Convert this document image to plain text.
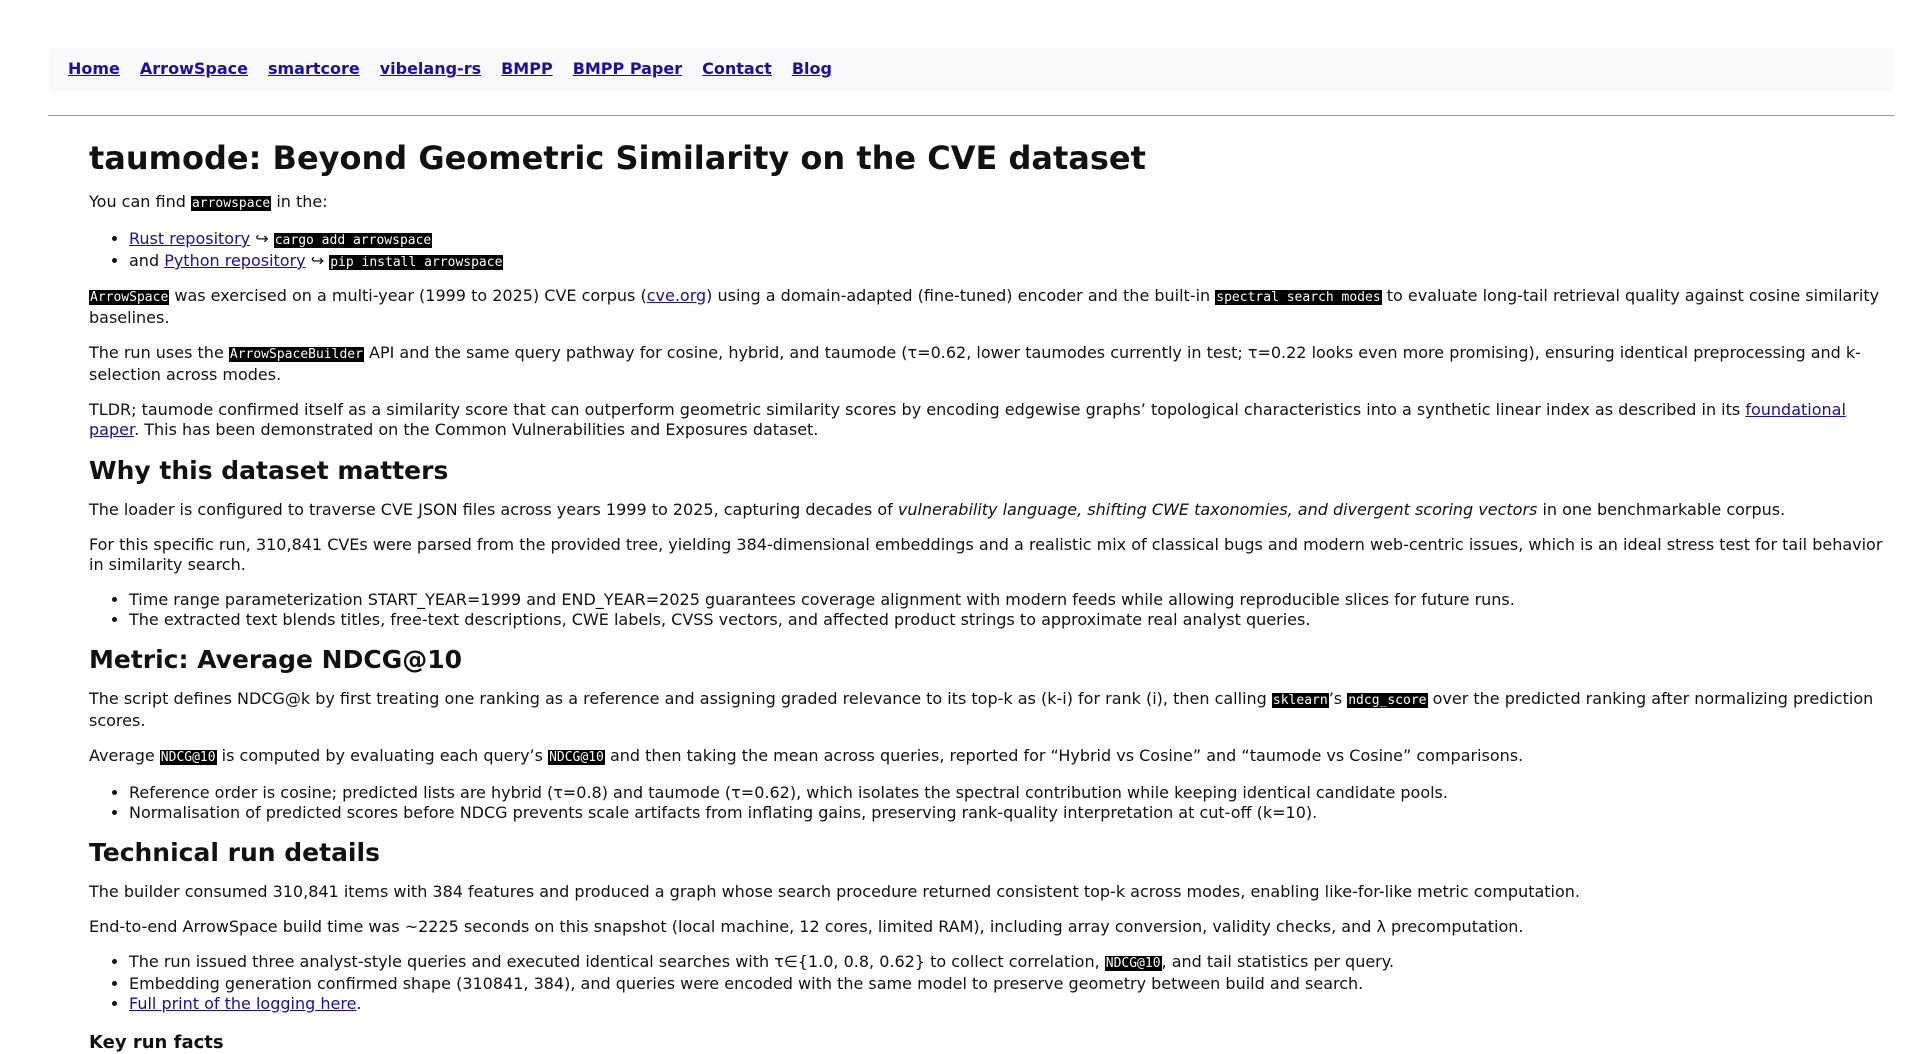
Home ArrowSpace smartcore vibelang-rs BMPP BMPP Paper Contact Blog
taumode: Beyond Geometric Similarity on the CVE dataset

You can find arrowspace in the:

• Rust repository ↪ cargo add arrowspace
• and Python repository ↪ pip install arrowspace

ArrowSpace was exercised on a multi-year (1999 to 2025) CVE corpus (cve.org) using a domain-adapted (fine-tuned) encoder and the built-in spectral search modes to evaluate long-tail retrieval quality against cosine similarity baselines.

The run uses the ArrowSpaceBuilder API and the same query pathway for cosine, hybrid, and taumode (τ=0.62, lower taumodes currently in test; τ=0.22 looks even more promising), ensuring identical preprocessing and k-selection across modes.

TLDR; taumode confirmed itself as a similarity score that can outperform geometric similarity scores by encoding edgewise graphs’ topological characteristics into a synthetic linear index as described in its foundational paper. This has been demonstrated on the Common Vulnerabilities and Exposures dataset.

Why this dataset matters

The loader is configured to traverse CVE JSON files across years 1999 to 2025, capturing decades of vulnerability language, shifting CWE taxonomies, and divergent scoring vectors in one benchmarkable corpus.

For this specific run, 310,841 CVEs were parsed from the provided tree, yielding 384-dimensional embeddings and a realistic mix of classical bugs and modern web-centric issues, which is an ideal stress test for tail behavior in similarity search.

• Time range parameterization START_YEAR=1999 and END_YEAR=2025 guarantees coverage alignment with modern feeds while allowing reproducible slices for future runs.
• The extracted text blends titles, free-text descriptions, CWE labels, CVSS vectors, and affected product strings to approximate real analyst queries.
Metric: Average NDCG@10

The script defines NDCG@k by first treating one ranking as a reference and assigning graded relevance to its top-k as (k-i) for rank (i), then calling sklearn’s ndcg_score over the predicted ranking after normalizing prediction scores.

Average NDCG@10 is computed by evaluating each query’s NDCG@10 and then taking the mean across queries, reported for “Hybrid vs Cosine” and “taumode vs Cosine” comparisons.

• Reference order is cosine; predicted lists are hybrid (τ=0.8) and taumode (τ=0.62), which isolates the spectral contribution while keeping identical candidate pools.
• Normalisation of predicted scores before NDCG prevents scale artifacts from inflating gains, preserving rank-quality interpretation at cut-off (k=10).
Technical run details

The builder consumed 310,841 items with 384 features and produced a graph whose search procedure returned consistent top-k across modes, enabling like-for-like metric computation.

End-to-end ArrowSpace build time was ~2225 seconds on this snapshot (local machine, 12 cores, limited RAM), including array conversion, validity checks, and λ precomputation.

• The run issued three analyst-style queries and executed identical searches with τ∈{1.0, 0.8, 0.62} to collect correlation, NDCG@10, and tail statistics per query.
• Embedding generation confirmed shape (310841, 384), and queries were encoded with the same model to preserve geometry between build and search.
• Full print of the logging here.
Key run facts
